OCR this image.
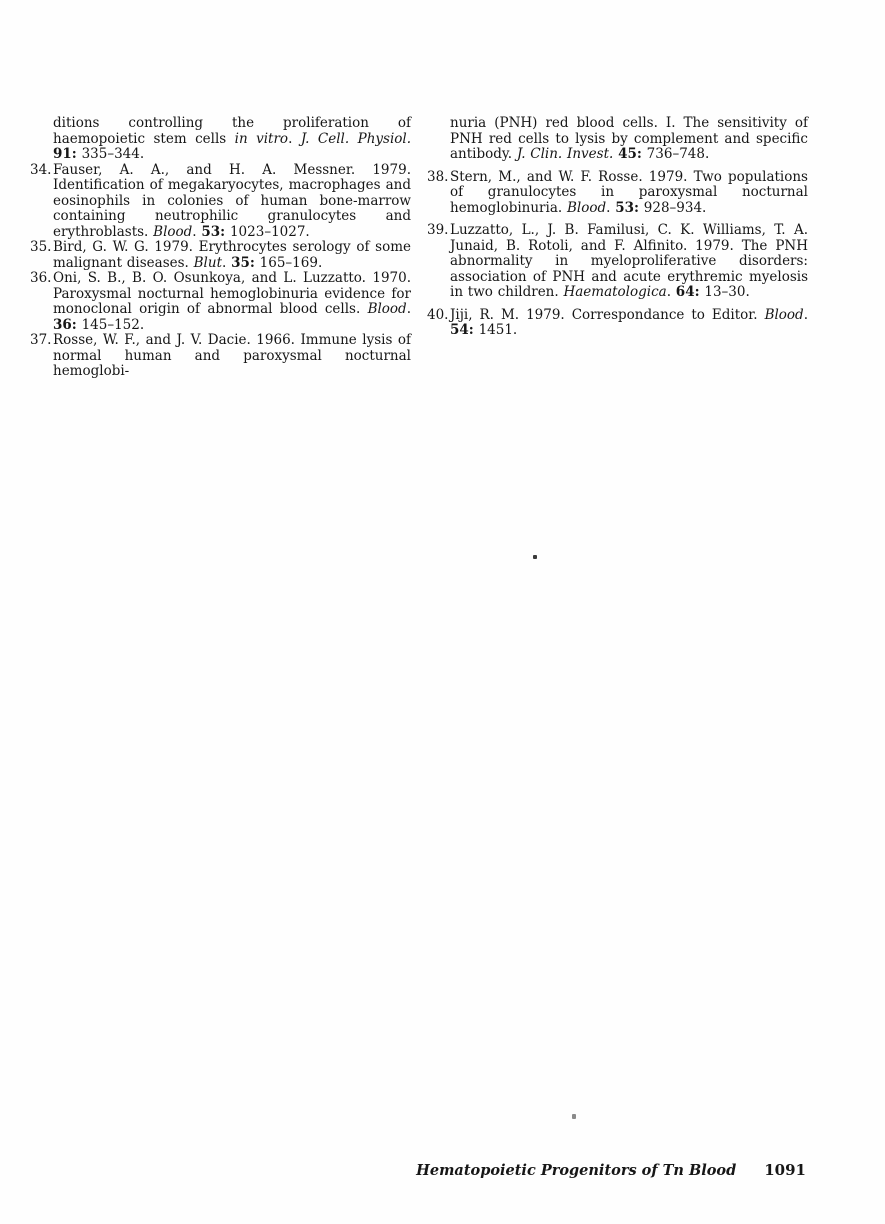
ditions controlling the proliferation of haemopoietic stem cells in vitro. J. Cell. Physiol. 91: 335–344.
34. Fauser, A. A., and H. A. Messner. 1979. Identification of megakaryocytes, macrophages and eosinophils in colonies of human bone-marrow containing neutrophilic granulocytes and erythroblasts. Blood. 53: 1023–1027.
35. Bird, G. W. G. 1979. Erythrocytes serology of some malignant diseases. Blut. 35: 165–169.
36. Oni, S. B., B. O. Osunkoya, and L. Luzzatto. 1970. Paroxysmal nocturnal hemoglobinuria evidence for monoclonal origin of abnormal blood cells. Blood. 36: 145–152.
37. Rosse, W. F., and J. V. Dacie. 1966. Immune lysis of normal human and paroxysmal nocturnal hemoglobi-
nuria (PNH) red blood cells. I. The sensitivity of PNH red cells to lysis by complement and specific antibody. J. Clin. Invest. 45: 736–748.
38. Stern, M., and W. F. Rosse. 1979. Two populations of granulocytes in paroxysmal nocturnal hemoglobinuria. Blood. 53: 928–934.
39. Luzzatto, L., J. B. Familusi, C. K. Williams, T. A. Junaid, B. Rotoli, and F. Alfinito. 1979. The PNH abnormality in myeloproliferative disorders: association of PNH and acute erythremic myelosis in two children. Haematologica. 64: 13–30.
40. Jiji, R. M. 1979. Correspondance to Editor. Blood. 54: 1451.
Hematopoietic Progenitors of Tn Blood 1091
